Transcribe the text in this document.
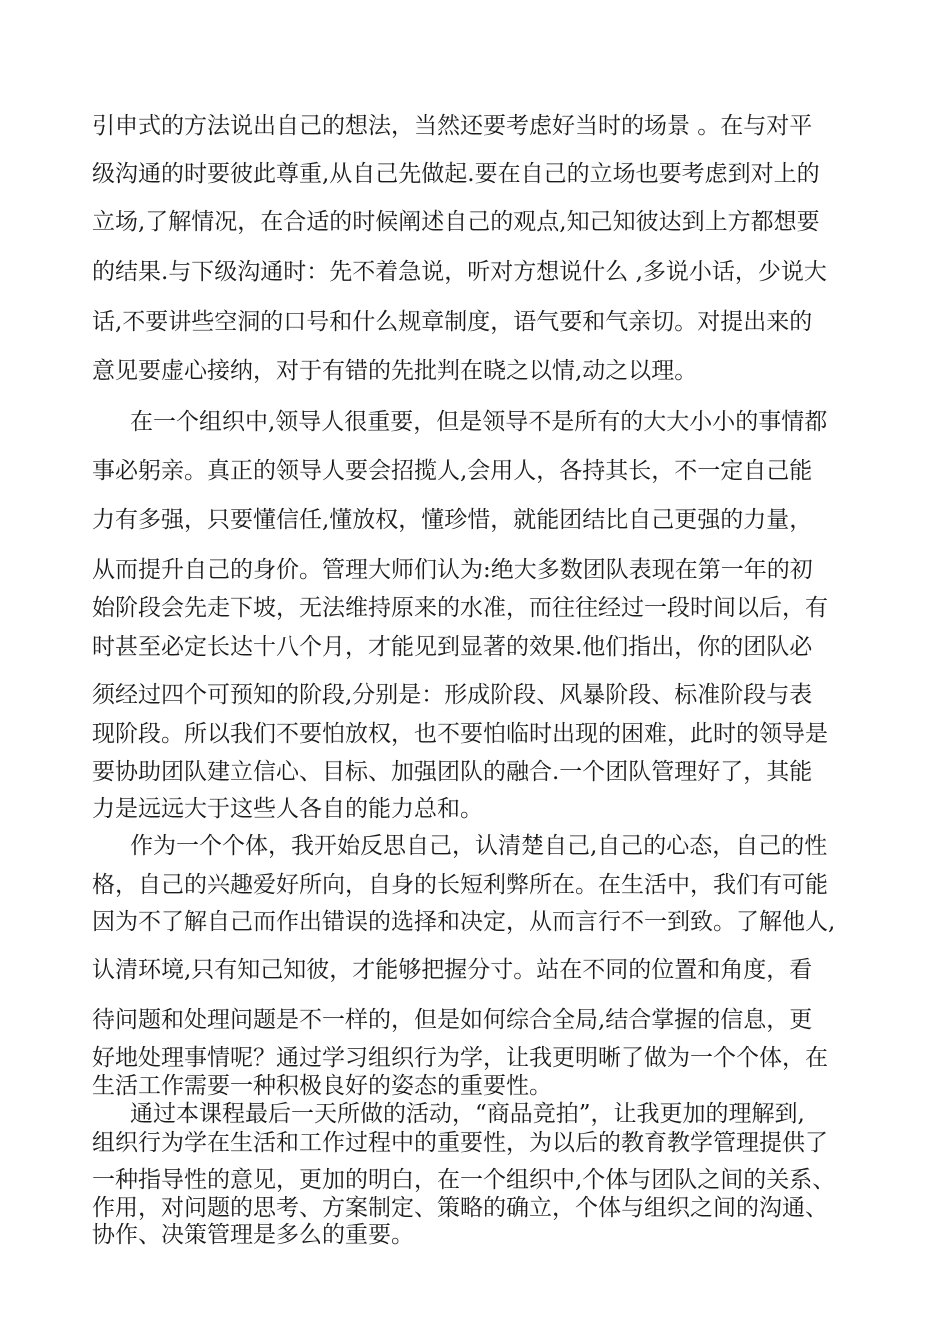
引申式的方法说出自己的想法，当然还要考虑好当时的场景 。在与对平
级沟通的时要彼此尊重,从自己先做起.要在自己的立场也要考虑到对上的
立场,了解情况，在合适的时候阐述自己的观点,知己知彼达到上方都想要
的结果.与下级沟通时：先不着急说，听对方想说什么 ,多说小话，少说大
话,不要讲些空洞的口号和什么规章制度，语气要和气亲切。对提出来的
意见要虚心接纳，对于有错的先批判在晓之以情,动之以理。
在一个组织中,领导人很重要，但是领导不是所有的大大小小的事情都
事必躬亲。真正的领导人要会招揽人,会用人，各持其长，不一定自己能
力有多强，只要懂信任,懂放权，懂珍惜，就能团结比自己更强的力量，
从而提升自己的身价。管理大师们认为:绝大多数团队表现在第一年的初
始阶段会先走下坡，无法维持原来的水准，而往往经过一段时间以后，有
时甚至必定长达十八个月，才能见到显著的效果.他们指出，你的团队必
须经过四个可预知的阶段,分别是：形成阶段、风暴阶段、标准阶段与表
现阶段。所以我们不要怕放权，也不要怕临时出现的困难，此时的领导是
要协助团队建立信心、目标、加强团队的融合.一个团队管理好了，其能
力是远远大于这些人各自的能力总和。
作为一个个体，我开始反思自己，认清楚自己,自己的心态，自己的性
格，自己的兴趣爱好所向，自身的长短利弊所在。在生活中，我们有可能
因为不了解自己而作出错误的选择和决定，从而言行不一到致。了解他人,
认清环境,只有知己知彼，才能够把握分寸。站在不同的位置和角度，看
待问题和处理问题是不一样的，但是如何综合全局,结合掌握的信息，更
好地处理事情呢？通过学习组织行为学，让我更明晰了做为一个个体，在
生活工作需要一种积极良好的姿态的重要性。
通过本课程最后一天所做的活动，“商品竞拍”，让我更加的理解到,
组织行为学在生活和工作过程中的重要性，为以后的教育教学管理提供了
一种指导性的意见，更加的明白，在一个组织中,个体与团队之间的关系、
作用，对问题的思考、方案制定、策略的确立，个体与组织之间的沟通、
协作、决策管理是多么的重要。
